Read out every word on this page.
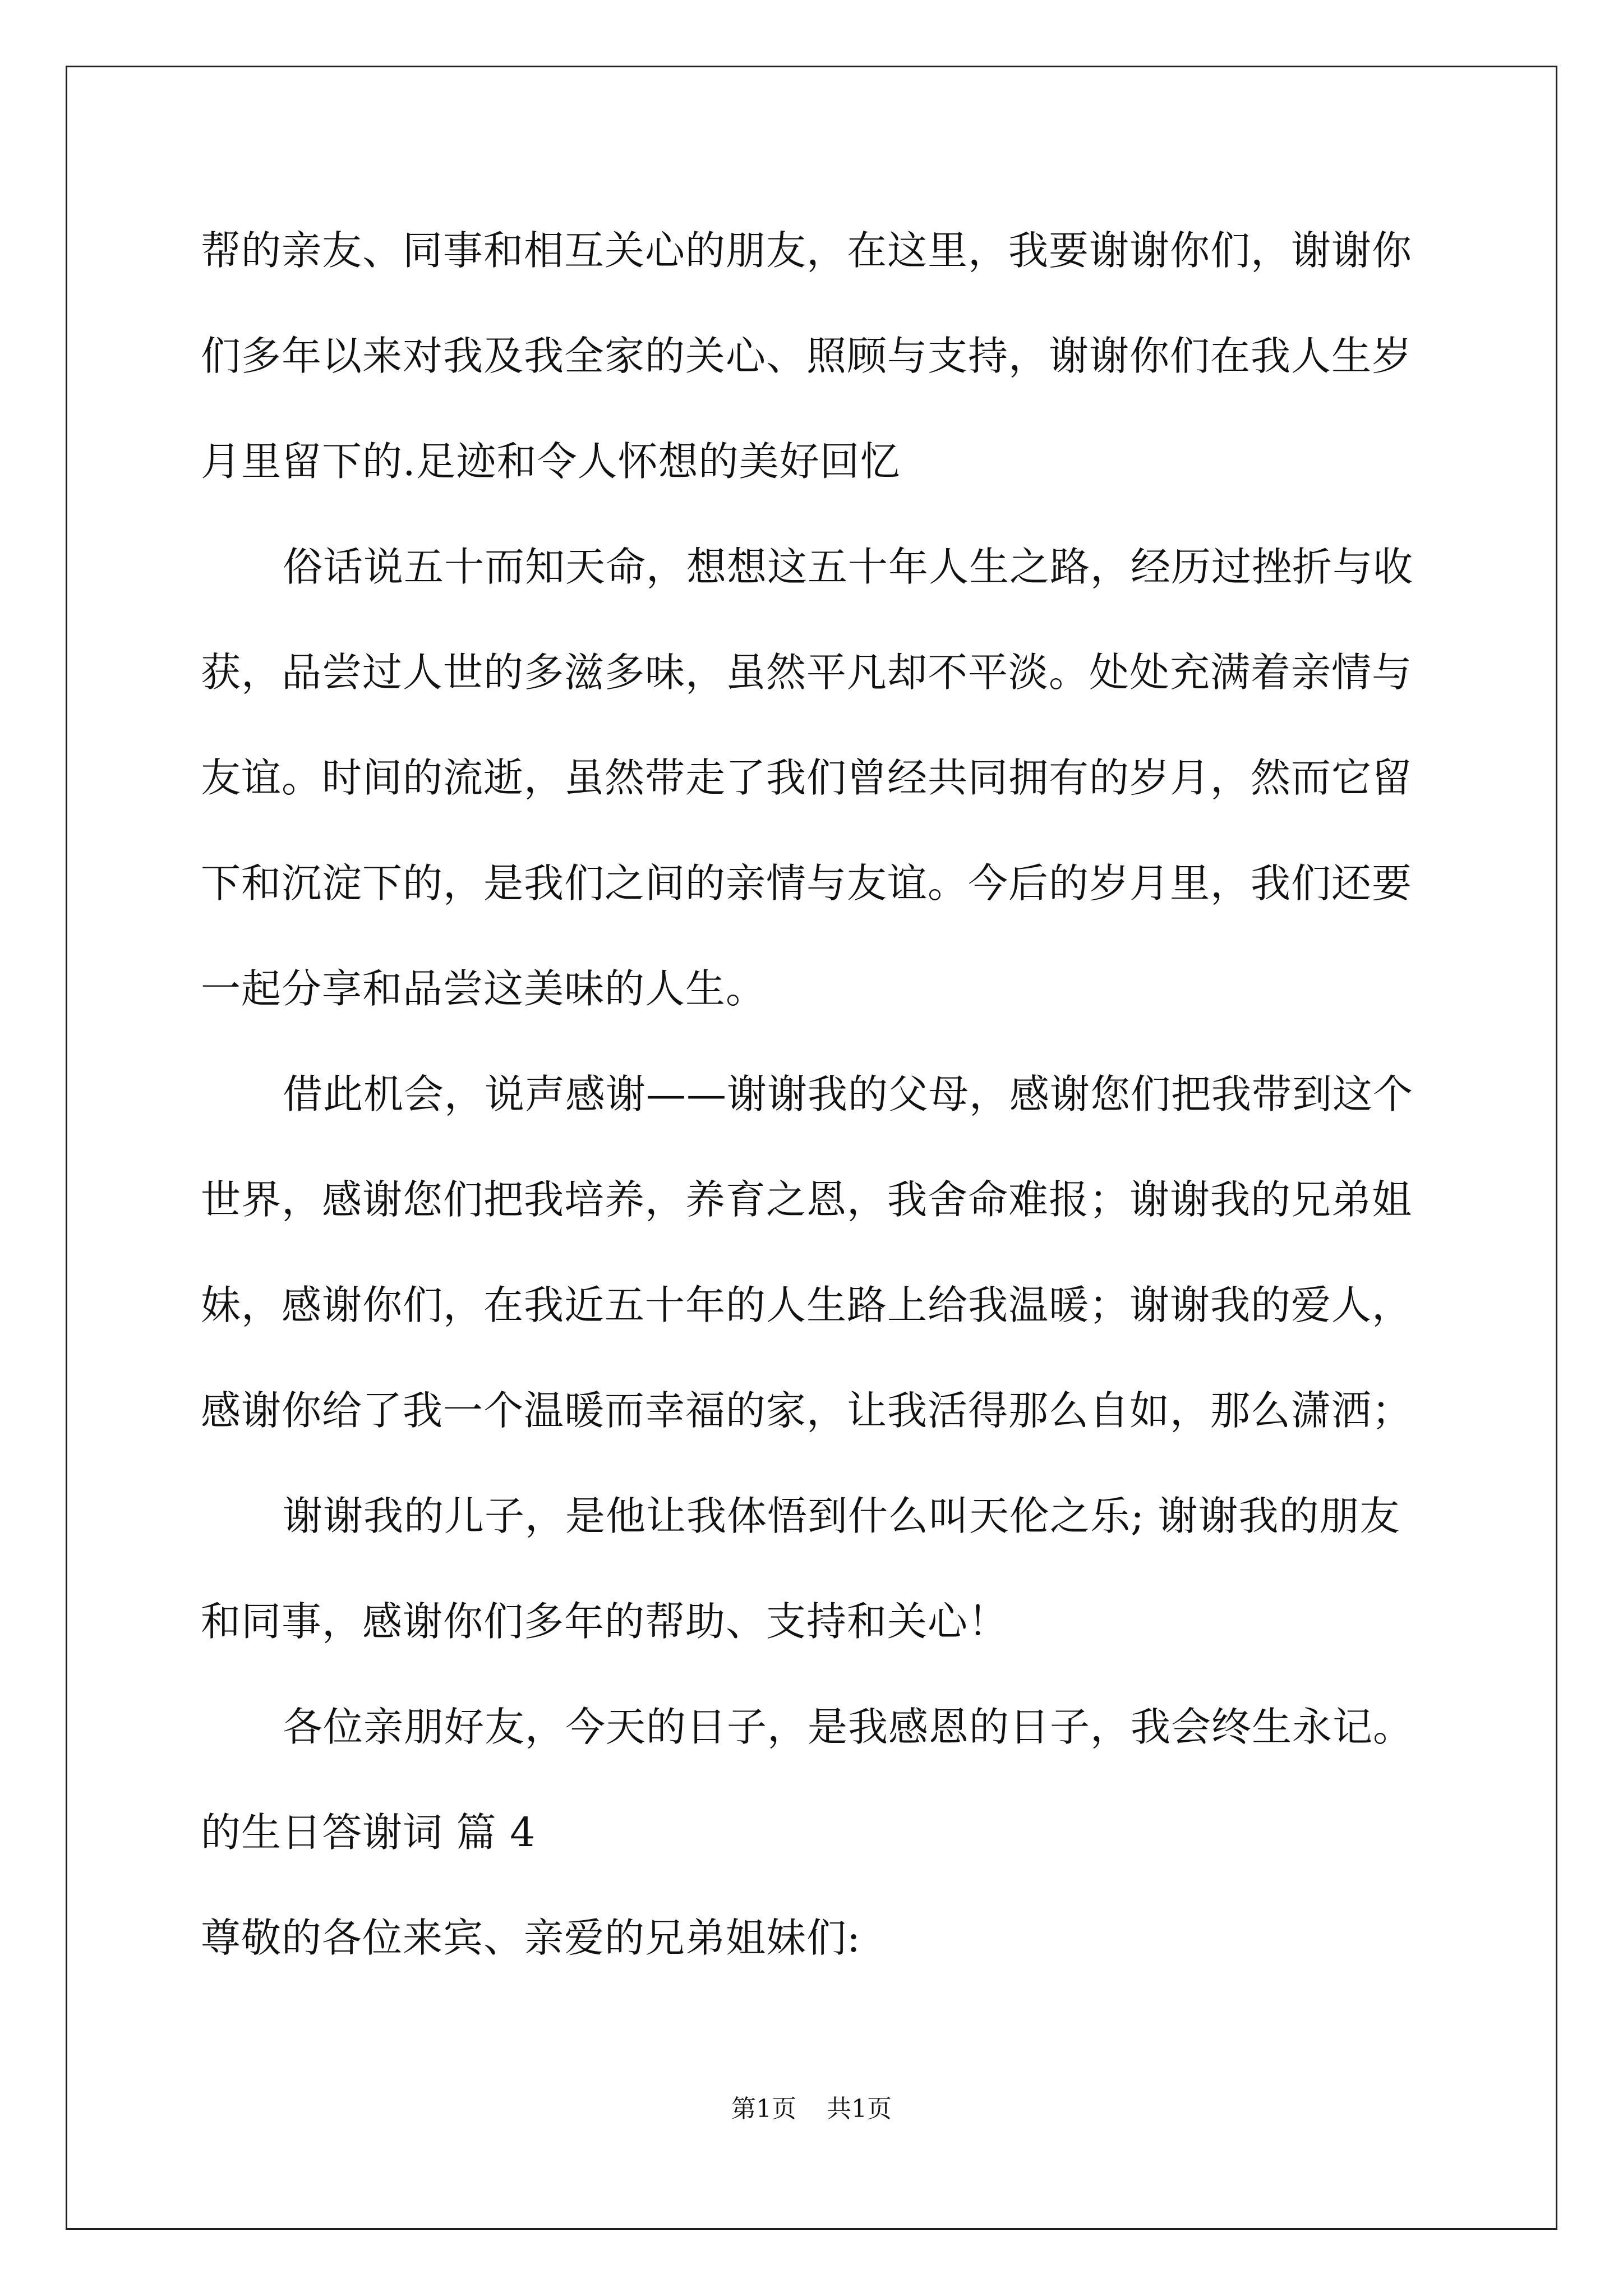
帮的亲友、同事和相互关心的朋友，在这里，我要谢谢你们，谢谢你
们多年以来对我及我全家的关心、照顾与支持，谢谢你们在我人生岁
月里留下的.足迹和令人怀想的美好回忆
俗话说五十而知天命，想想这五十年人生之路，经历过挫折与收
获，品尝过人世的多滋多味，虽然平凡却不平淡。处处充满着亲情与
友谊。时间的流逝，虽然带走了我们曾经共同拥有的岁月，然而它留
下和沉淀下的，是我们之间的亲情与友谊。今后的岁月里，我们还要
一起分享和品尝这美味的人生。
借此机会，说声感谢——谢谢我的父母，感谢您们把我带到这个
世界，感谢您们把我培养，养育之恩，我舍命难报；谢谢我的兄弟姐
妹，感谢你们，在我近五十年的人生路上给我温暖；谢谢我的爱人，
感谢你给了我一个温暖而幸福的家，让我活得那么自如，那么潇洒；
谢谢我的儿子，是他让我体悟到什么叫天伦之乐; 谢谢我的朋友
和同事，感谢你们多年的帮助、支持和关心！
各位亲朋好友，今天的日子，是我感恩的日子，我会终生永记。
的生日答谢词 篇 4
尊敬的各位来宾、亲爱的兄弟姐妹们:
第1页 共1页
